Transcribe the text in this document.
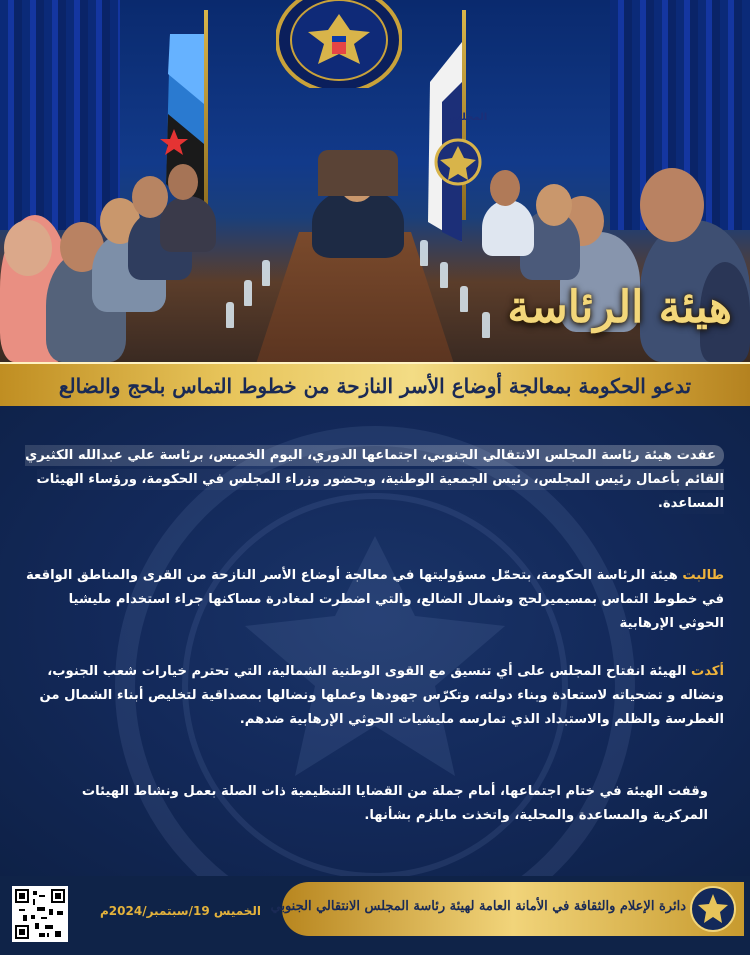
المجلس

هيئة الرئاسة

تدعو الحكومة بمعالجة أوضاع الأسر النازحة من خطوط التماس بلحج والضالع

عقدت هيئة رئاسة المجلس الانتقالي الجنوبي، اجتماعها الدوري، اليوم الخميس، برئاسة علي عبدالله الكثيري القائم بأعمال رئيس المجلس، رئيس الجمعية الوطنية، وبحضور وزراء المجلس في الحكومة، ورؤساء الهيئات المساعدة.

طالبت هيئة الرئاسة الحكومة، بتحمّل مسؤوليتها في معالجة أوضاع الأسر النازحة من القرى والمناطق الواقعة في خطوط التماس بمسيميرلحج وشمال الضالع، والتي اضطرت لمغادرة مساكنها جراء استخدام مليشيا الحوثي الإرهابية

أكدت الهيئة انفتاح المجلس على أي تنسيق مع القوى الوطنية الشمالية، التي تحترم خيارات شعب الجنوب، ونضاله و تضحياته لاستعادة وبناء دولته، وتكرّس جهودها وعملها ونضالها بمصداقية لتخليص أبناء الشمال من الغطرسة والظلم والاستبداد الذي تمارسه مليشيات الحوثي الإرهابية ضدهم.

وقفت الهيئة في ختام اجتماعها، أمام جملة من القضايا التنظيمية ذات الصلة بعمل ونشاط الهيئات المركزية والمساعدة والمحلية، واتخذت مايلزم بشأنها.

الخميس 19/سبتمبر/2024م دائرة الإعلام والثقافة في الأمانة العامة لهيئة رئاسة المجلس الانتقالي الجنوبي
